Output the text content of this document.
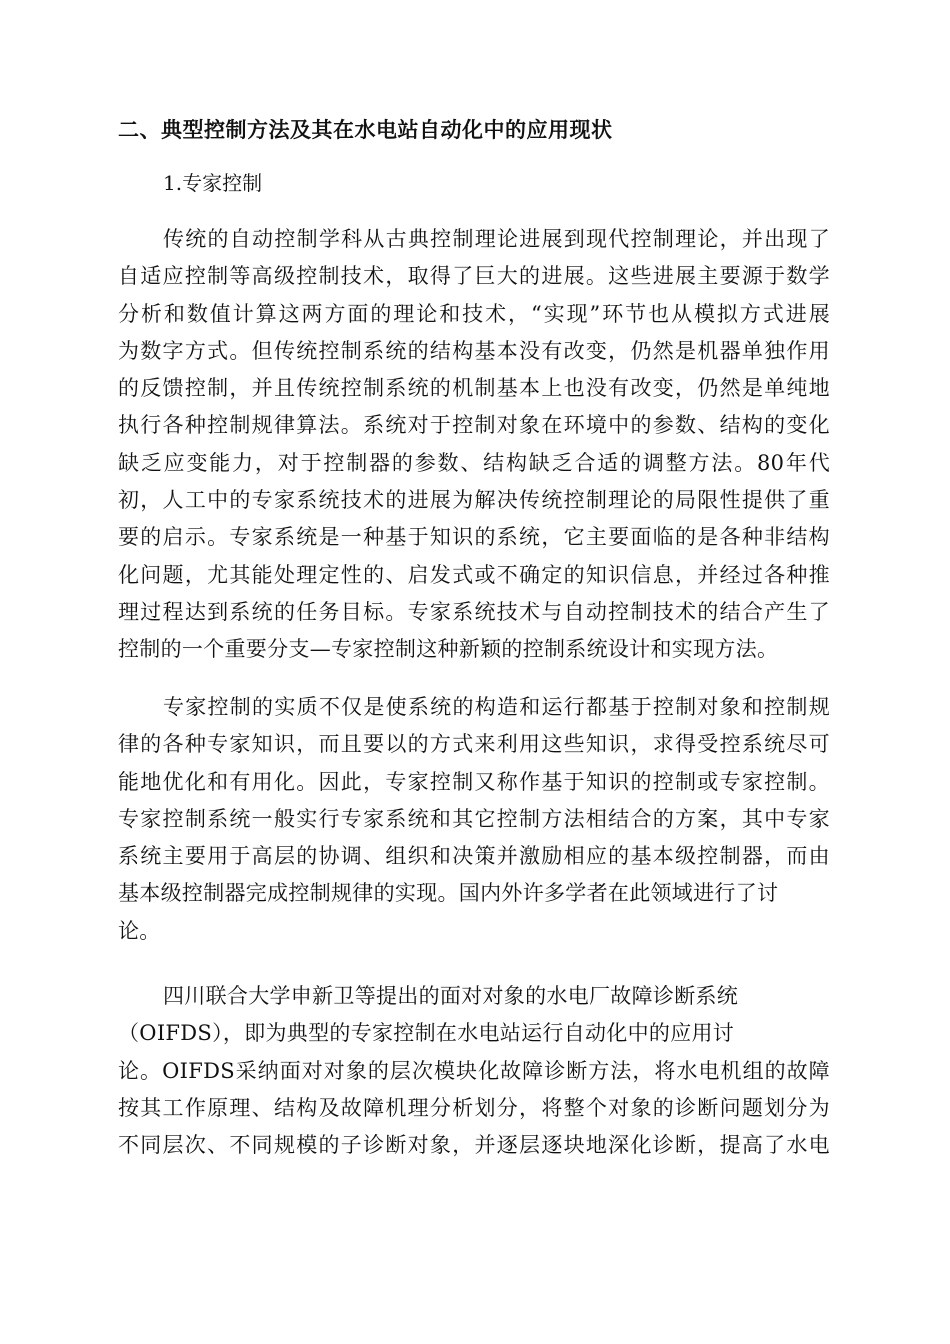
二、典型控制方法及其在水电站自动化中的应用现状

1.专家控制

传统的自动控制学科从古典控制理论进展到现代控制理论，并出现了
自适应控制等高级控制技术，取得了巨大的进展。这些进展主要源于数学
分析和数值计算这两方面的理论和技术，“实现”环节也从模拟方式进展
为数字方式。但传统控制系统的结构基本没有改变，仍然是机器单独作用
的反馈控制，并且传统控制系统的机制基本上也没有改变，仍然是单纯地
执行各种控制规律算法。系统对于控制对象在环境中的参数、结构的变化
缺乏应变能力，对于控制器的参数、结构缺乏合适的调整方法。80年代
初，人工中的专家系统技术的进展为解决传统控制理论的局限性提供了重
要的启示。专家系统是一种基于知识的系统，它主要面临的是各种非结构
化问题，尤其能处理定性的、启发式或不确定的知识信息，并经过各种推
理过程达到系统的任务目标。专家系统技术与自动控制技术的结合产生了
控制的一个重要分支—专家控制这种新颖的控制系统设计和实现方法。
专家控制的实质不仅是使系统的构造和运行都基于控制对象和控制规
律的各种专家知识，而且要以的方式来利用这些知识，求得受控系统尽可
能地优化和有用化。因此，专家控制又称作基于知识的控制或专家控制。
专家控制系统一般实行专家系统和其它控制方法相结合的方案，其中专家
系统主要用于高层的协调、组织和决策并激励相应的基本级控制器，而由
基本级控制器完成控制规律的实现。国内外许多学者在此领域进行了讨
论。
四川联合大学申新卫等提出的面对对象的水电厂故障诊断系统
（OIFDS），即为典型的专家控制在水电站运行自动化中的应用讨
论。OIFDS采纳面对对象的层次模块化故障诊断方法，将水电机组的故障
按其工作原理、结构及故障机理分析划分，将整个对象的诊断问题划分为
不同层次、不同规模的子诊断对象，并逐层逐块地深化诊断，提高了水电
